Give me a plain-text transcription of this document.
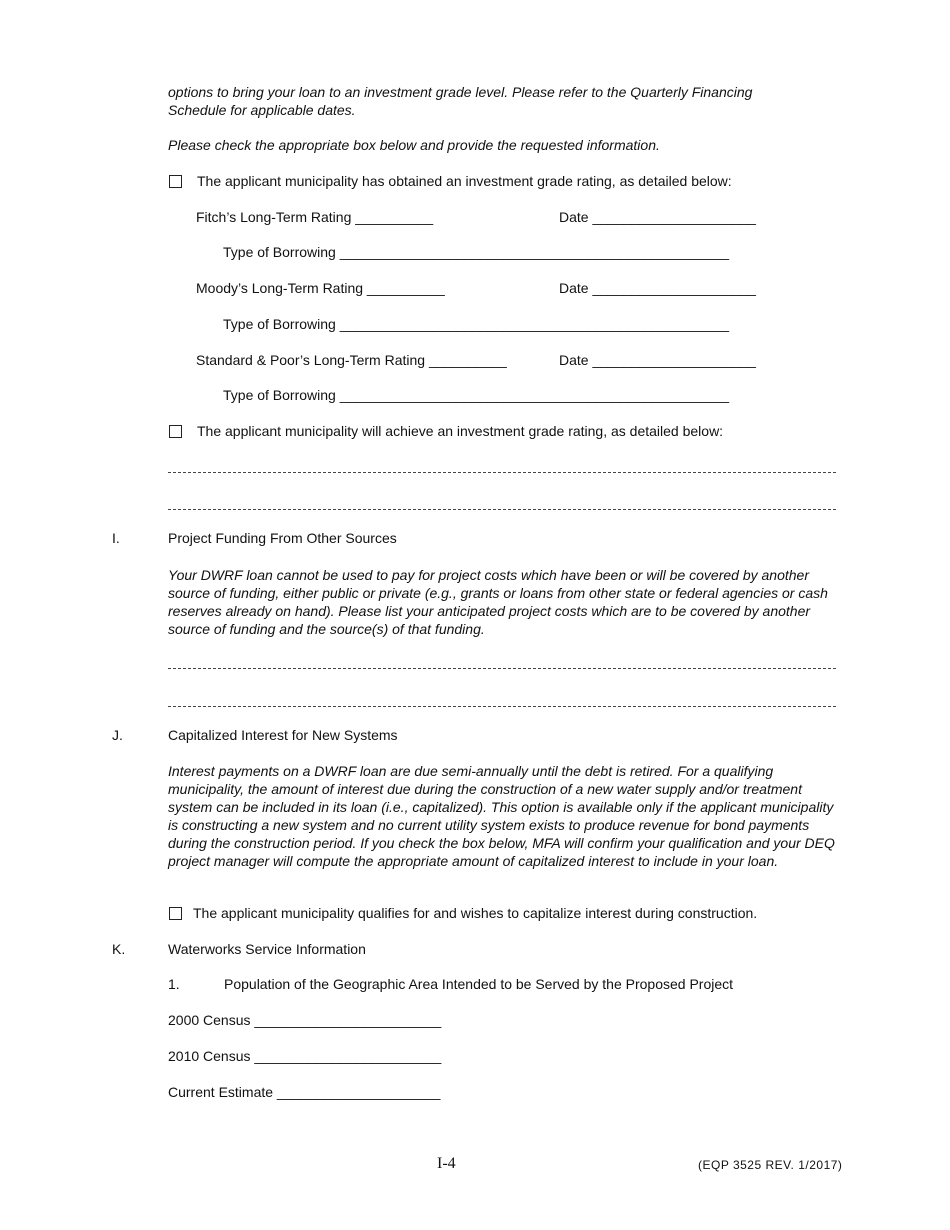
options to bring your loan to an investment grade level. Please refer to the Quarterly Financing
Schedule for applicable dates.
Please check the appropriate box below and provide the requested information.
The applicant municipality has obtained an investment grade rating, as detailed below:
Fitch’s Long-Term Rating __________	Date _____________________
Type of Borrowing __________________________________________________
Moody’s Long-Term Rating __________	Date _____________________
Type of Borrowing __________________________________________________
Standard & Poor’s Long-Term Rating __________	Date _____________________
Type of Borrowing __________________________________________________
The applicant municipality will achieve an investment grade rating, as detailed below:
I.	Project Funding From Other Sources
Your DWRF loan cannot be used to pay for project costs which have been or will be covered by another source of funding, either public or private (e.g., grants or loans from other state or federal agencies or cash reserves already on hand). Please list your anticipated project costs which are to be covered by another source of funding and the source(s) of that funding.
J.	Capitalized Interest for New Systems
Interest payments on a DWRF loan are due semi-annually until the debt is retired. For a qualifying municipality, the amount of interest due during the construction of a new water supply and/or treatment system can be included in its loan (i.e., capitalized). This option is available only if the applicant municipality is constructing a new system and no current utility system exists to produce revenue for bond payments during the construction period. If you check the box below, MFA will confirm your qualification and your DEQ project manager will compute the appropriate amount of capitalized interest to include in your loan.
The applicant municipality qualifies for and wishes to capitalize interest during construction.
K.	Waterworks Service Information
1.	Population of the Geographic Area Intended to be Served by the Proposed Project
2000 Census ________________________
2010 Census ________________________
Current Estimate _____________________
I-4	(EQP 3525 REV. 1/2017)
